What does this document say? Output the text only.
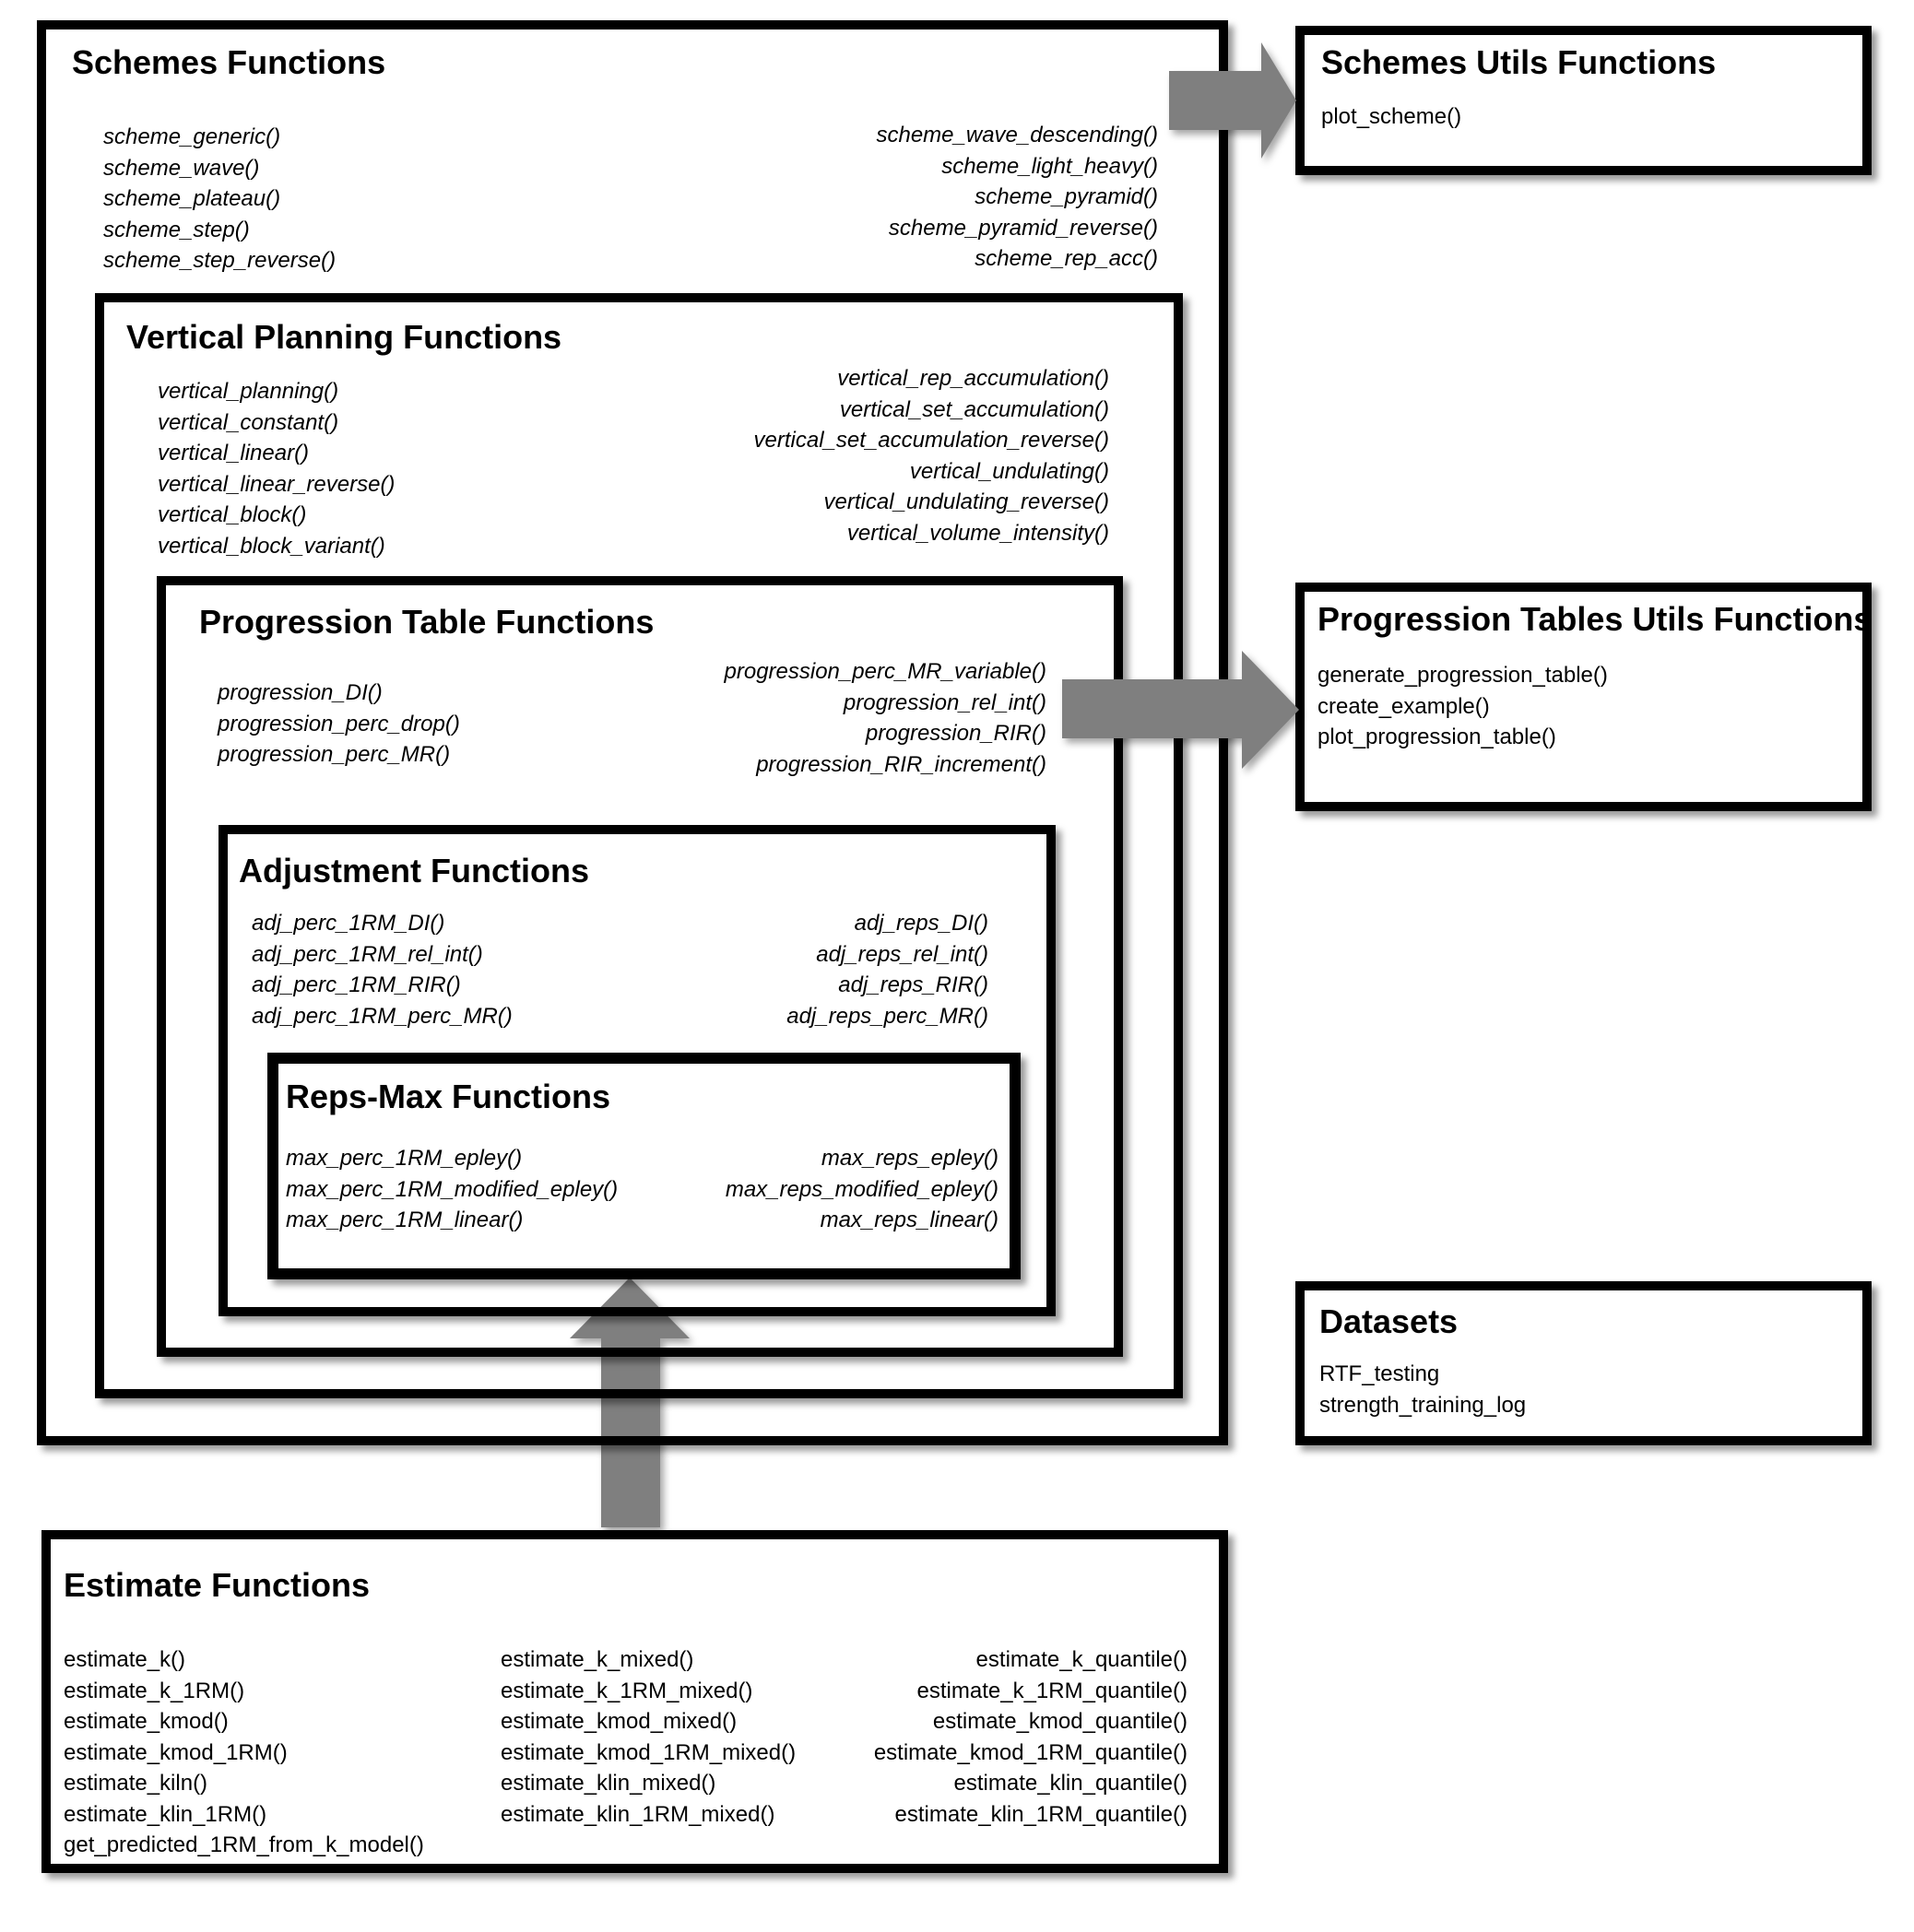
Schemes Functions
scheme_generic()
scheme_wave()
scheme_plateau()
scheme_step()
scheme_step_reverse()
scheme_wave_descending()
scheme_light_heavy()
scheme_pyramid()
scheme_pyramid_reverse()
scheme_rep_acc()
Vertical Planning Functions
vertical_planning()
vertical_constant()
vertical_linear()
vertical_linear_reverse()
vertical_block()
vertical_block_variant()
vertical_rep_accumulation()
vertical_set_accumulation()
vertical_set_accumulation_reverse()
vertical_undulating()
vertical_undulating_reverse()
vertical_volume_intensity()
Progression Table Functions
progression_DI()
progression_perc_drop()
progression_perc_MR()
progression_perc_MR_variable()
progression_rel_int()
progression_RIR()
progression_RIR_increment()
Adjustment Functions
adj_perc_1RM_DI()
adj_perc_1RM_rel_int()
adj_perc_1RM_RIR()
adj_perc_1RM_perc_MR()
adj_reps_DI()
adj_reps_rel_int()
adj_reps_RIR()
adj_reps_perc_MR()
Reps-Max Functions
max_perc_1RM_epley()
max_perc_1RM_modified_epley()
max_perc_1RM_linear()
max_reps_epley()
max_reps_modified_epley()
max_reps_linear()
Schemes Utils Functions
plot_scheme()
Progression Tables Utils Functions
generate_progression_table()
create_example()
plot_progression_table()
Datasets
RTF_testing
strength_training_log
Estimate Functions
estimate_k()
estimate_k_1RM()
estimate_kmod()
estimate_kmod_1RM()
estimate_kiln()
estimate_klin_1RM()
get_predicted_1RM_from_k_model()
estimate_k_mixed()
estimate_k_1RM_mixed()
estimate_kmod_mixed()
estimate_kmod_1RM_mixed()
estimate_klin_mixed()
estimate_klin_1RM_mixed()
estimate_k_quantile()
estimate_k_1RM_quantile()
estimate_kmod_quantile()
estimate_kmod_1RM_quantile()
estimate_klin_quantile()
estimate_klin_1RM_quantile()
